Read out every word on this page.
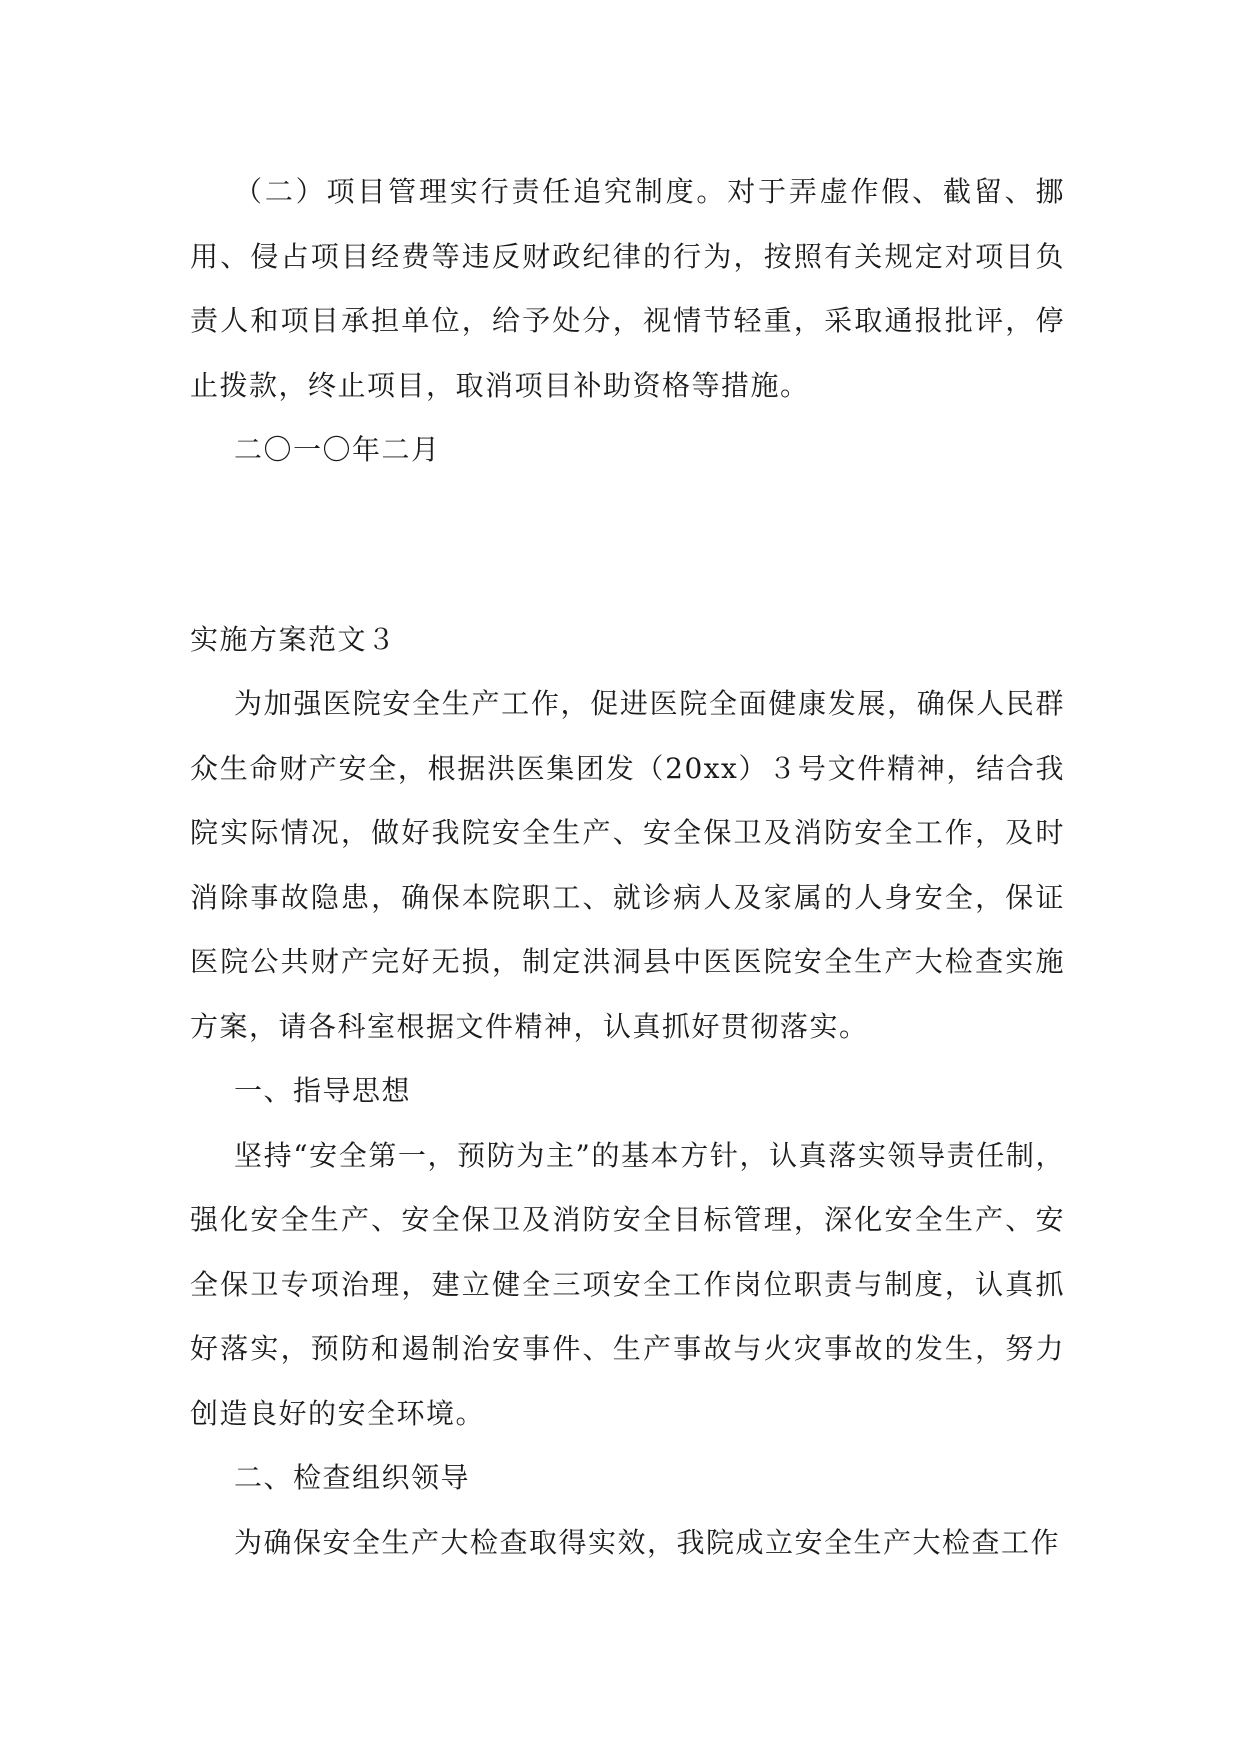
（二）项目管理实行责任追究制度。对于弄虚作假、截留、挪用、侵占项目经费等违反财政纪律的行为，按照有关规定对项目负责人和项目承担单位，给予处分，视情节轻重，采取通报批评，停止拨款，终止项目，取消项目补助资格等措施。

二〇一〇年二月

实施方案范文３

为加强医院安全生产工作，促进医院全面健康发展，确保人民群众生命财产安全，根据洪医集团发（20xx）３号文件精神，结合我院实际情况，做好我院安全生产、安全保卫及消防安全工作，及时消除事故隐患，确保本院职工、就诊病人及家属的人身安全，保证医院公共财产完好无损，制定洪洞县中医医院安全生产大检查实施方案，请各科室根据文件精神，认真抓好贯彻落实。

一、指导思想

坚持“安全第一，预防为主”的基本方针，认真落实领导责任制，强化安全生产、安全保卫及消防安全目标管理，深化安全生产、安全保卫专项治理，建立健全三项安全工作岗位职责与制度，认真抓好落实，预防和遏制治安事件、生产事故与火灾事故的发生，努力创造良好的安全环境。

二、检查组织领导

为确保安全生产大检查取得实效，我院成立安全生产大检查工作
